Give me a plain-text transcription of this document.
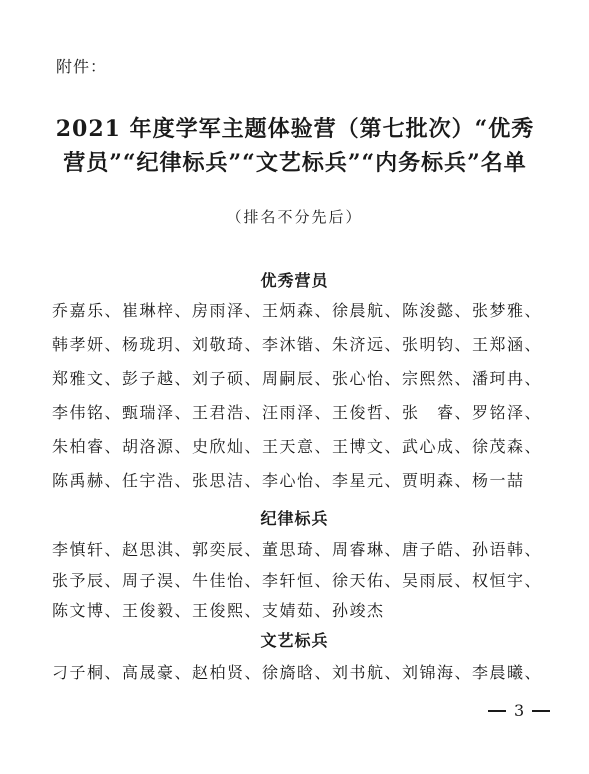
附件：
2021 年度学军主题体验营（第七批次）“优秀
营员”“纪律标兵”“文艺标兵”“内务标兵”名单
（排名不分先后）
优秀营员
乔嘉乐、崔琳梓、房雨泽、王炳森、徐晨航、陈浚懿、张梦雅、
韩孝妍、杨珑玥、刘敬琦、李沐锴、朱济远、张明钧、王郑涵、
郑雅文、彭子越、刘子硕、周嗣辰、张心怡、宗熙然、潘珂冉、
李伟铭、甄瑞泽、王君浩、汪雨泽、王俊哲、张　睿、罗铭泽、
朱柏睿、胡洛源、史欣灿、王天意、王博文、武心成、徐茂森、
陈禹赫、任宇浩、张思洁、李心怡、李星元、贾明森、杨一喆
纪律标兵
李慎轩、赵思淇、郭奕辰、董思琦、周睿琳、唐子皓、孙语韩、
张予辰、周子淏、牛佳怡、李轩恒、徐天佑、吴雨辰、权恒宇、
陈文博、王俊毅、王俊熙、支婧茹、孙竣杰
文艺标兵
刁子桐、高晟豪、赵柏贤、徐旖晗、刘书航、刘锦海、李晨曦、
3
